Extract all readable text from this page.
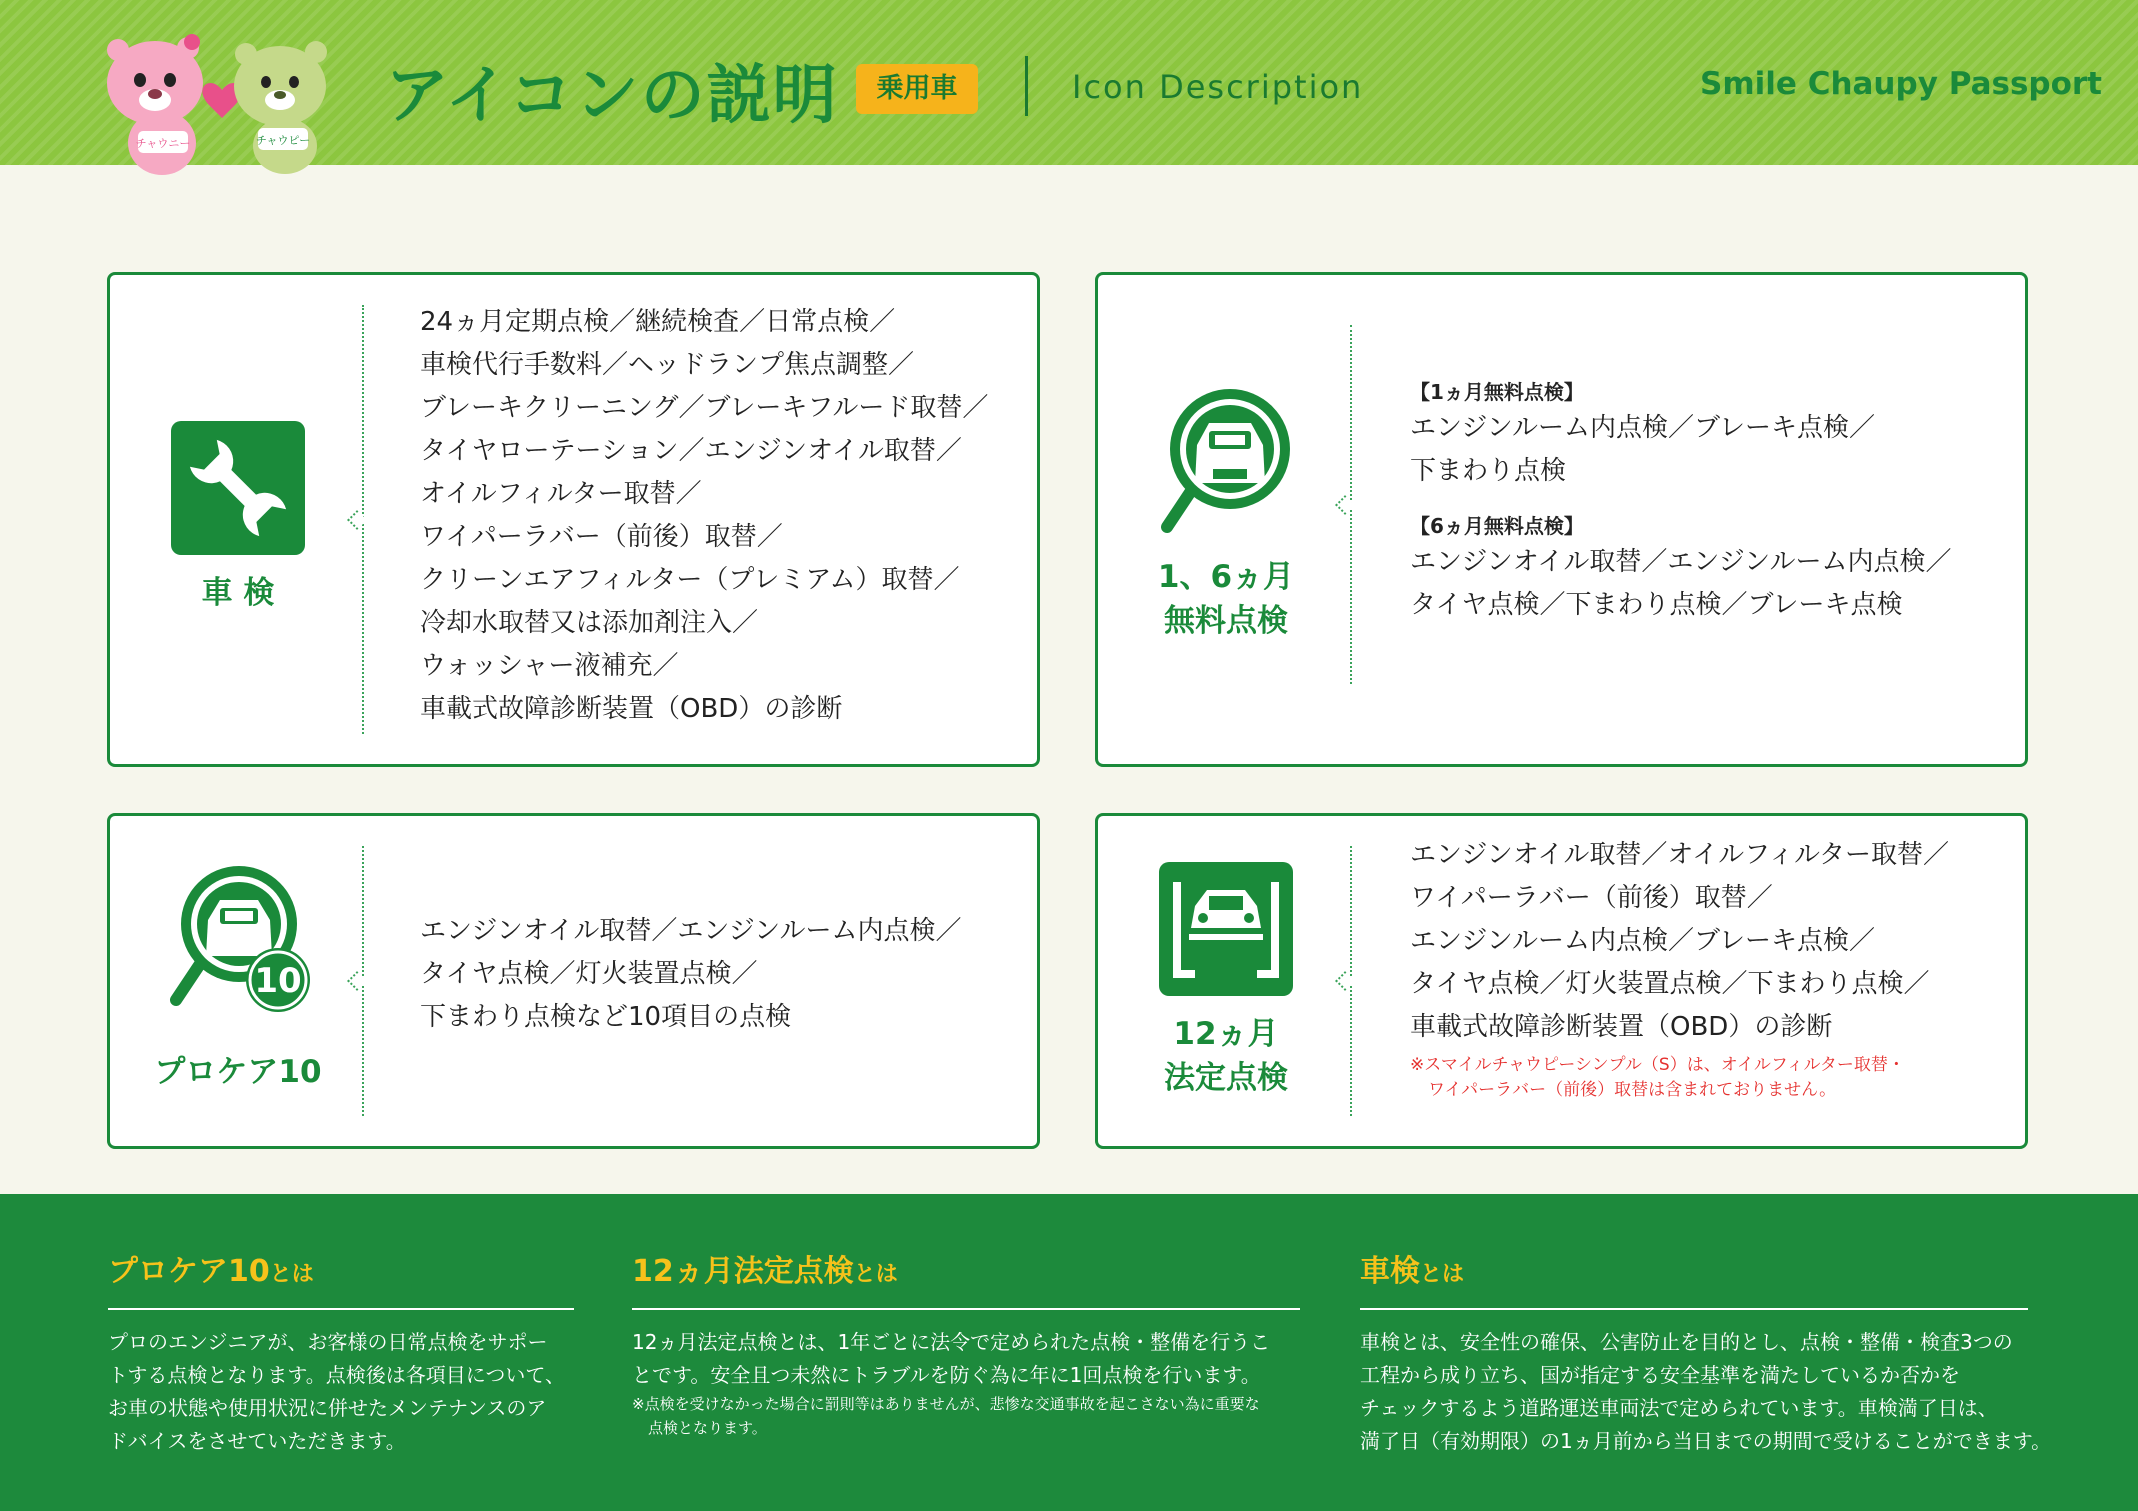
チャウニー	チャウピー
アイコンの説明	乗用車	Icon Description	Smile Chaupy Passport
車 検
24ヵ月定期点検／継続検査／日常点検／
車検代行手数料／ヘッドランプ焦点調整／
ブレーキクリーニング／ブレーキフルード取替／
タイヤローテーション／エンジンオイル取替／
オイルフィルター取替／
ワイパーラバー（前後）取替／
クリーンエアフィルター（プレミアム）取替／
冷却水取替又は添加剤注入／
ウォッシャー液補充／
車載式故障診断装置（OBD）の診断
1、6ヵ月
無料点検
【1ヵ月無料点検】
エンジンルーム内点検／ブレーキ点検／
下まわり点検
【6ヵ月無料点検】
エンジンオイル取替／エンジンルーム内点検／
タイヤ点検／下まわり点検／ブレーキ点検
10
プロケア10
エンジンオイル取替／エンジンルーム内点検／
タイヤ点検／灯火装置点検／
下まわり点検など10項目の点検	12ヵ月
法定点検
エンジンオイル取替／オイルフィルター取替／
ワイパーラバー（前後）取替／
エンジンルーム内点検／ブレーキ点検／
タイヤ点検／灯火装置点検／下まわり点検／
車載式故障診断装置（OBD）の診断
※スマイルチャウピーシンプル（S）は、オイルフィルター取替・
ワイパーラバー（前後）取替は含まれておりません。
プロケア10とは
プロのエンジニアが、お客様の日常点検をサポー
トする点検となります。点検後は各項目について、
お車の状態や使用状況に併せたメンテナンスのア
ドバイスをさせていただきます。
12ヵ月法定点検とは
12ヵ月法定点検とは、1年ごとに法令で定められた点検・整備を行うこ
とです。安全且つ未然にトラブルを防ぐ為に年に1回点検を行います。
※点検を受けなかった場合に罰則等はありませんが、悲惨な交通事故を起こさない為に重要な
点検となります。
車検とは
車検とは、安全性の確保、公害防止を目的とし、点検・整備・検査3つの
工程から成り立ち、国が指定する安全基準を満たしているか否かを
チェックするよう道路運送車両法で定められています。車検満了日は、
満了日（有効期限）の1ヵ月前から当日までの期間で受けることができます。
